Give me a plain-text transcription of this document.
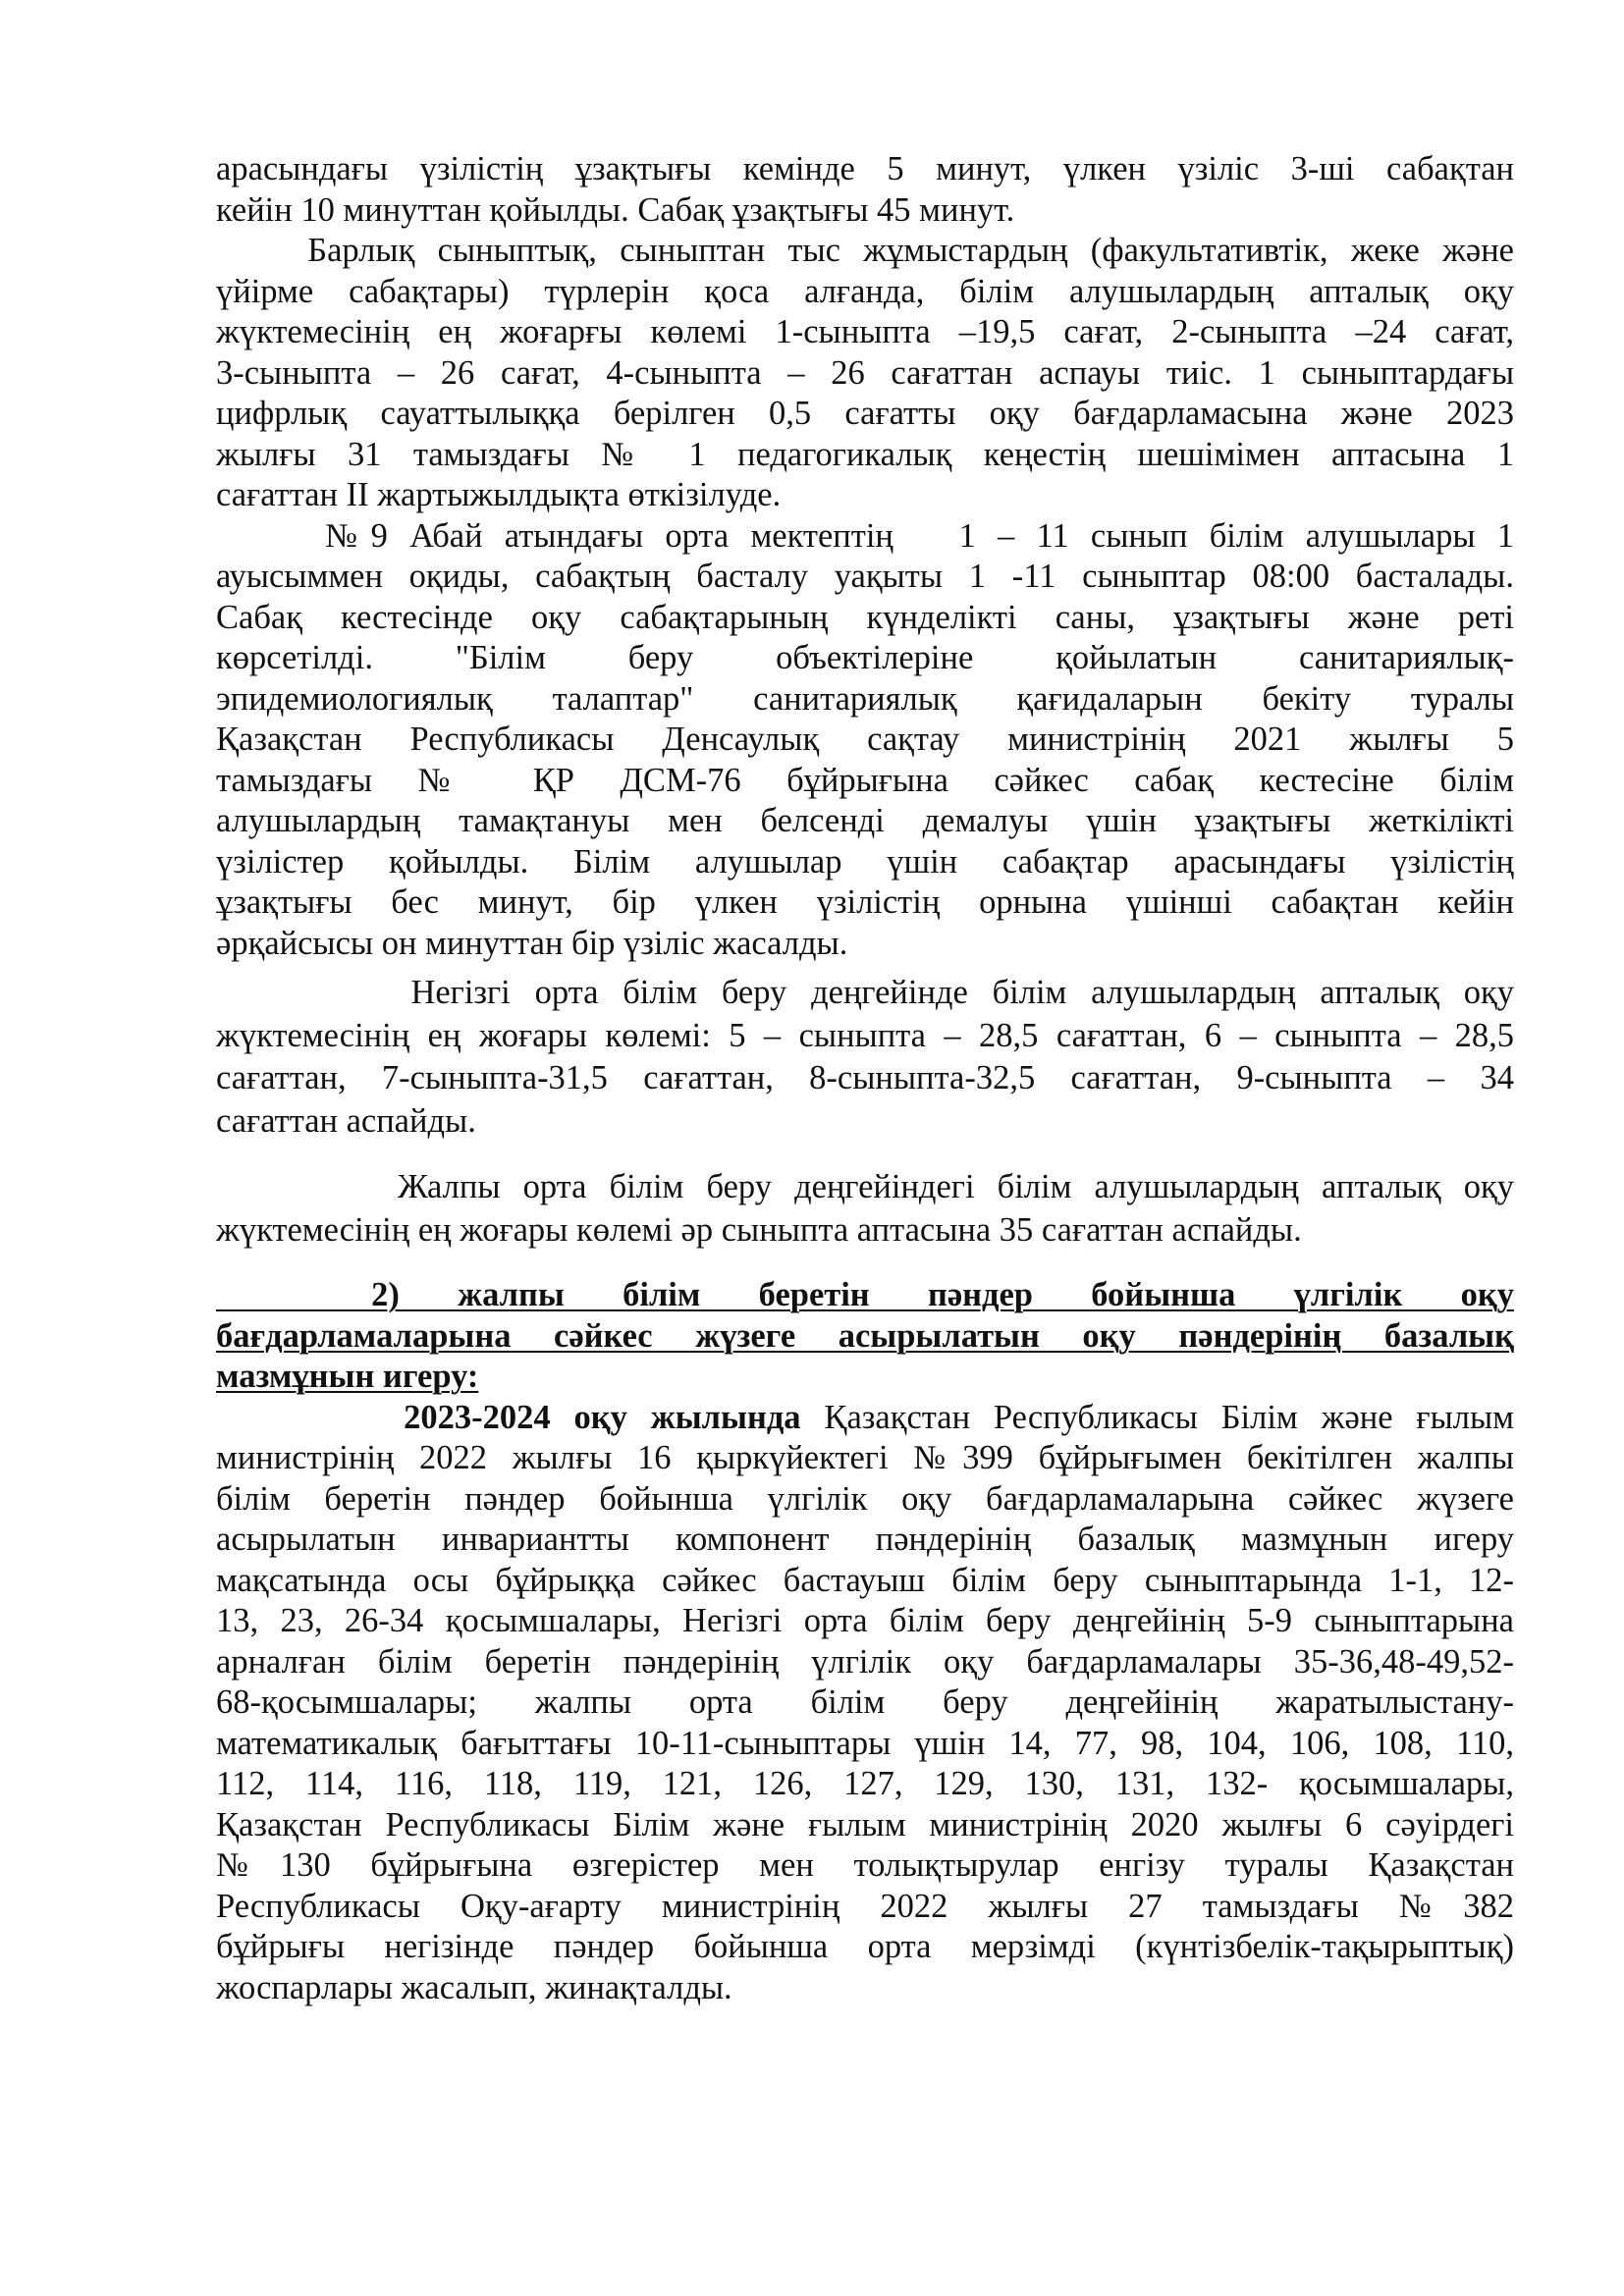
арасындағы үзілістің ұзақтығы кемінде 5 минут, үлкен үзіліс 3-ші сабақтан
кейін 10 минуттан қойылды. Сабақ ұзақтығы 45 минут.
Барлық сыныптық, сыныптан тыс жұмыстардың (факультативтік, жеке және
үйірме сабақтары) түрлерін қоса алғанда, білім алушылардың апталық оқу
жүктемесінің ең жоғарғы көлемі 1-сыныпта –19,5 сағат, 2-сыныпта –24 сағат,
3-сыныпта – 26 сағат, 4-сыныпта – 26 сағаттан аспауы тиіс. 1 сыныптардағы
цифрлық сауаттылыққа берілген 0,5 сағатты оқу бағдарламасына және 2023
жылғы 31 тамыздағы № 1 педагогикалық кеңестің шешімімен аптасына 1
сағаттан II жартыжылдықта өткізілуде.
№9 Абай атындағы орта мектептің   1 – 11 сынып білім алушылары 1
ауысыммен оқиды, сабақтың басталу уақыты 1 -11 сыныптар 08:00 басталады.
Сабақ кестесінде оқу сабақтарының күнделікті саны, ұзақтығы және реті
көрсетілді. "Білім беру объектілеріне қойылатын санитариялық-
эпидемиологиялық талаптар" санитариялық қағидаларын бекіту туралы
Қазақстан Республикасы Денсаулық сақтау министрінің 2021 жылғы 5
тамыздағы № ҚР ДСМ-76 бұйрығына сәйкес сабақ кестесіне білім
алушылардың тамақтануы мен белсенді демалуы үшін ұзақтығы жеткілікті
үзілістер қойылды. Білім алушылар үшін сабақтар арасындағы үзілістің
ұзақтығы бес минут, бір үлкен үзілістің орнына үшінші сабақтан кейін
әрқайсысы он минуттан бір үзіліс жасалды.
Негізгі орта білім беру деңгейінде білім алушылардың апталық оқу
жүктемесінің ең жоғары көлемі: 5 – сыныпта – 28,5 сағаттан, 6 – сыныпта – 28,5
сағаттан, 7-сыныпта-31,5 сағаттан, 8-сыныпта-32,5 сағаттан, 9-сыныпта – 34
сағаттан аспайды.
Жалпы орта білім беру деңгейіндегі білім алушылардың апталық оқу
жүктемесінің ең жоғары көлемі әр сыныпта аптасына 35 сағаттан аспайды.
2)   жалпы   білім   беретін   пәндер   бойынша   үлгілік   оқу
бағдарламаларына сәйкес жүзеге асырылатын оқу пәндерінің базалық
мазмұнын игеру:
2023-2024 оқу жылында Қазақстан Республикасы Білім және ғылым
министрінің 2022 жылғы 16 қыркүйектегі №399 бұйрығымен бекітілген жалпы
білім беретін пәндер бойынша үлгілік оқу бағдарламаларына сәйкес жүзеге
асырылатын инвариантты компонент пәндерінің базалық мазмұнын игеру
мақсатында осы бұйрыққа сәйкес бастауыш білім беру сыныптарында 1-1, 12-
13, 23, 26-34 қосымшалары, Негізгі орта білім беру деңгейінің 5-9 сыныптарына
арналған білім беретін пәндерінің үлгілік оқу бағдарламалары 35-36,48-49,52-
68-қосымшалары; жалпы орта білім беру деңгейінің жаратылыстану-
математикалық бағыттағы 10-11-сыныптары үшін 14, 77, 98, 104, 106, 108, 110,
112, 114, 116, 118, 119, 121, 126, 127, 129, 130, 131, 132- қосымшалары,
Қазақстан Республикасы Білім және ғылым министрінің 2020 жылғы 6 сәуірдегі
№130 бұйрығына өзгерістер мен толықтырулар енгізу туралы Қазақстан
Республикасы Оқу-ағарту министрінің 2022 жылғы 27 тамыздағы №382
бұйрығы негізінде пәндер бойынша орта мерзімді (күнтізбелік-тақырыптық)
жоспарлары жасалып, жинақталды.
